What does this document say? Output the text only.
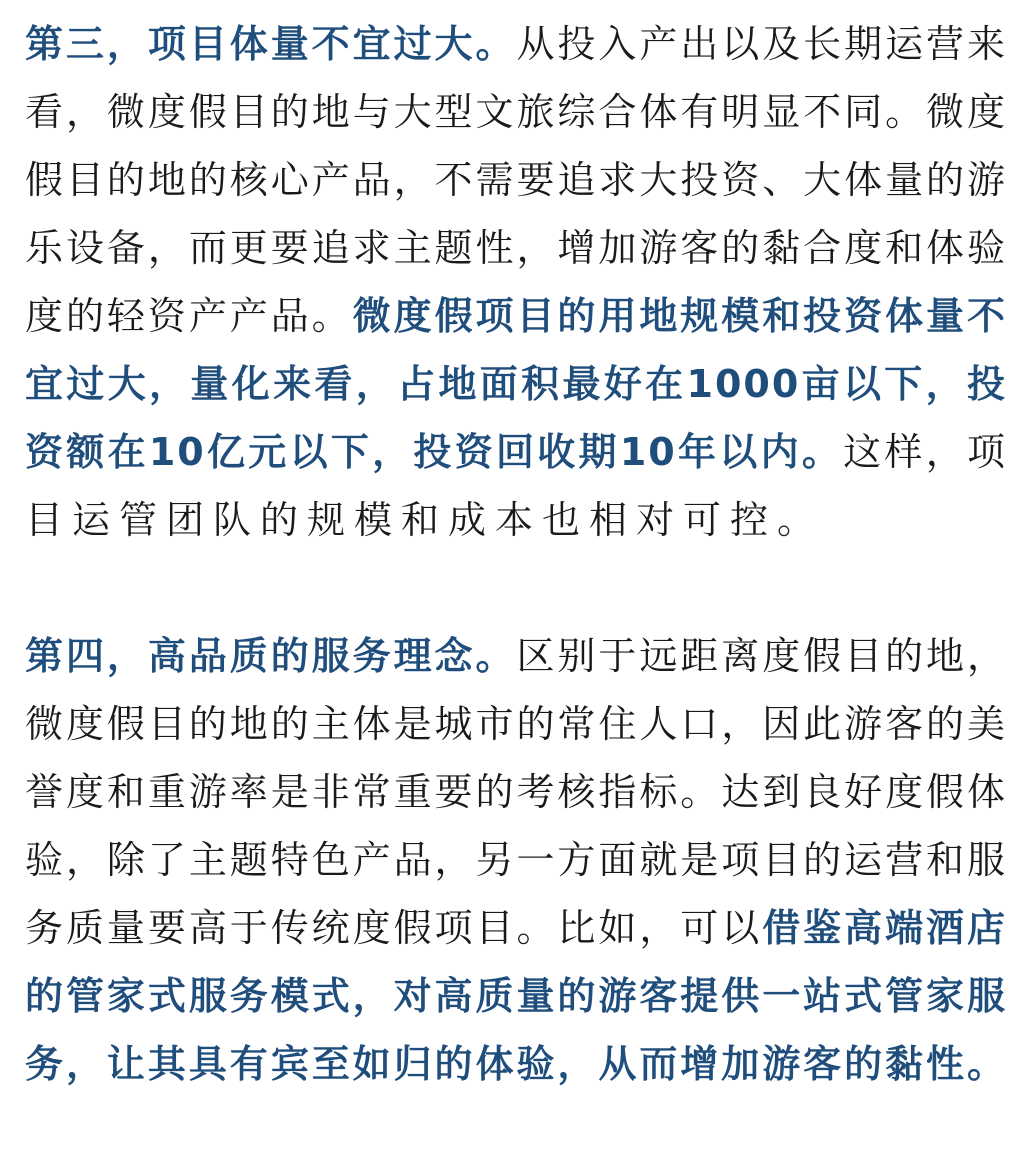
第三，项目体量不宜过大。从投入产出以及长期运营来
看，微度假目的地与大型文旅综合体有明显不同。微度
假目的地的核心产品，不需要追求大投资、大体量的游
乐设备，而更要追求主题性，增加游客的黏合度和体验
度的轻资产产品。微度假项目的用地规模和投资体量不
宜过大，量化来看，占地面积最好在1000亩以下，投
资额在10亿元以下，投资回收期10年以内。这样，项
目运管团队的规模和成本也相对可控。
第四，高品质的服务理念。区别于远距离度假目的地，
微度假目的地的主体是城市的常住人口，因此游客的美
誉度和重游率是非常重要的考核指标。达到良好度假体
验，除了主题特色产品，另一方面就是项目的运营和服
务质量要高于传统度假项目。比如，可以借鉴高端酒店
的管家式服务模式，对高质量的游客提供一站式管家服
务，让其具有宾至如归的体验，从而增加游客的黏性。
